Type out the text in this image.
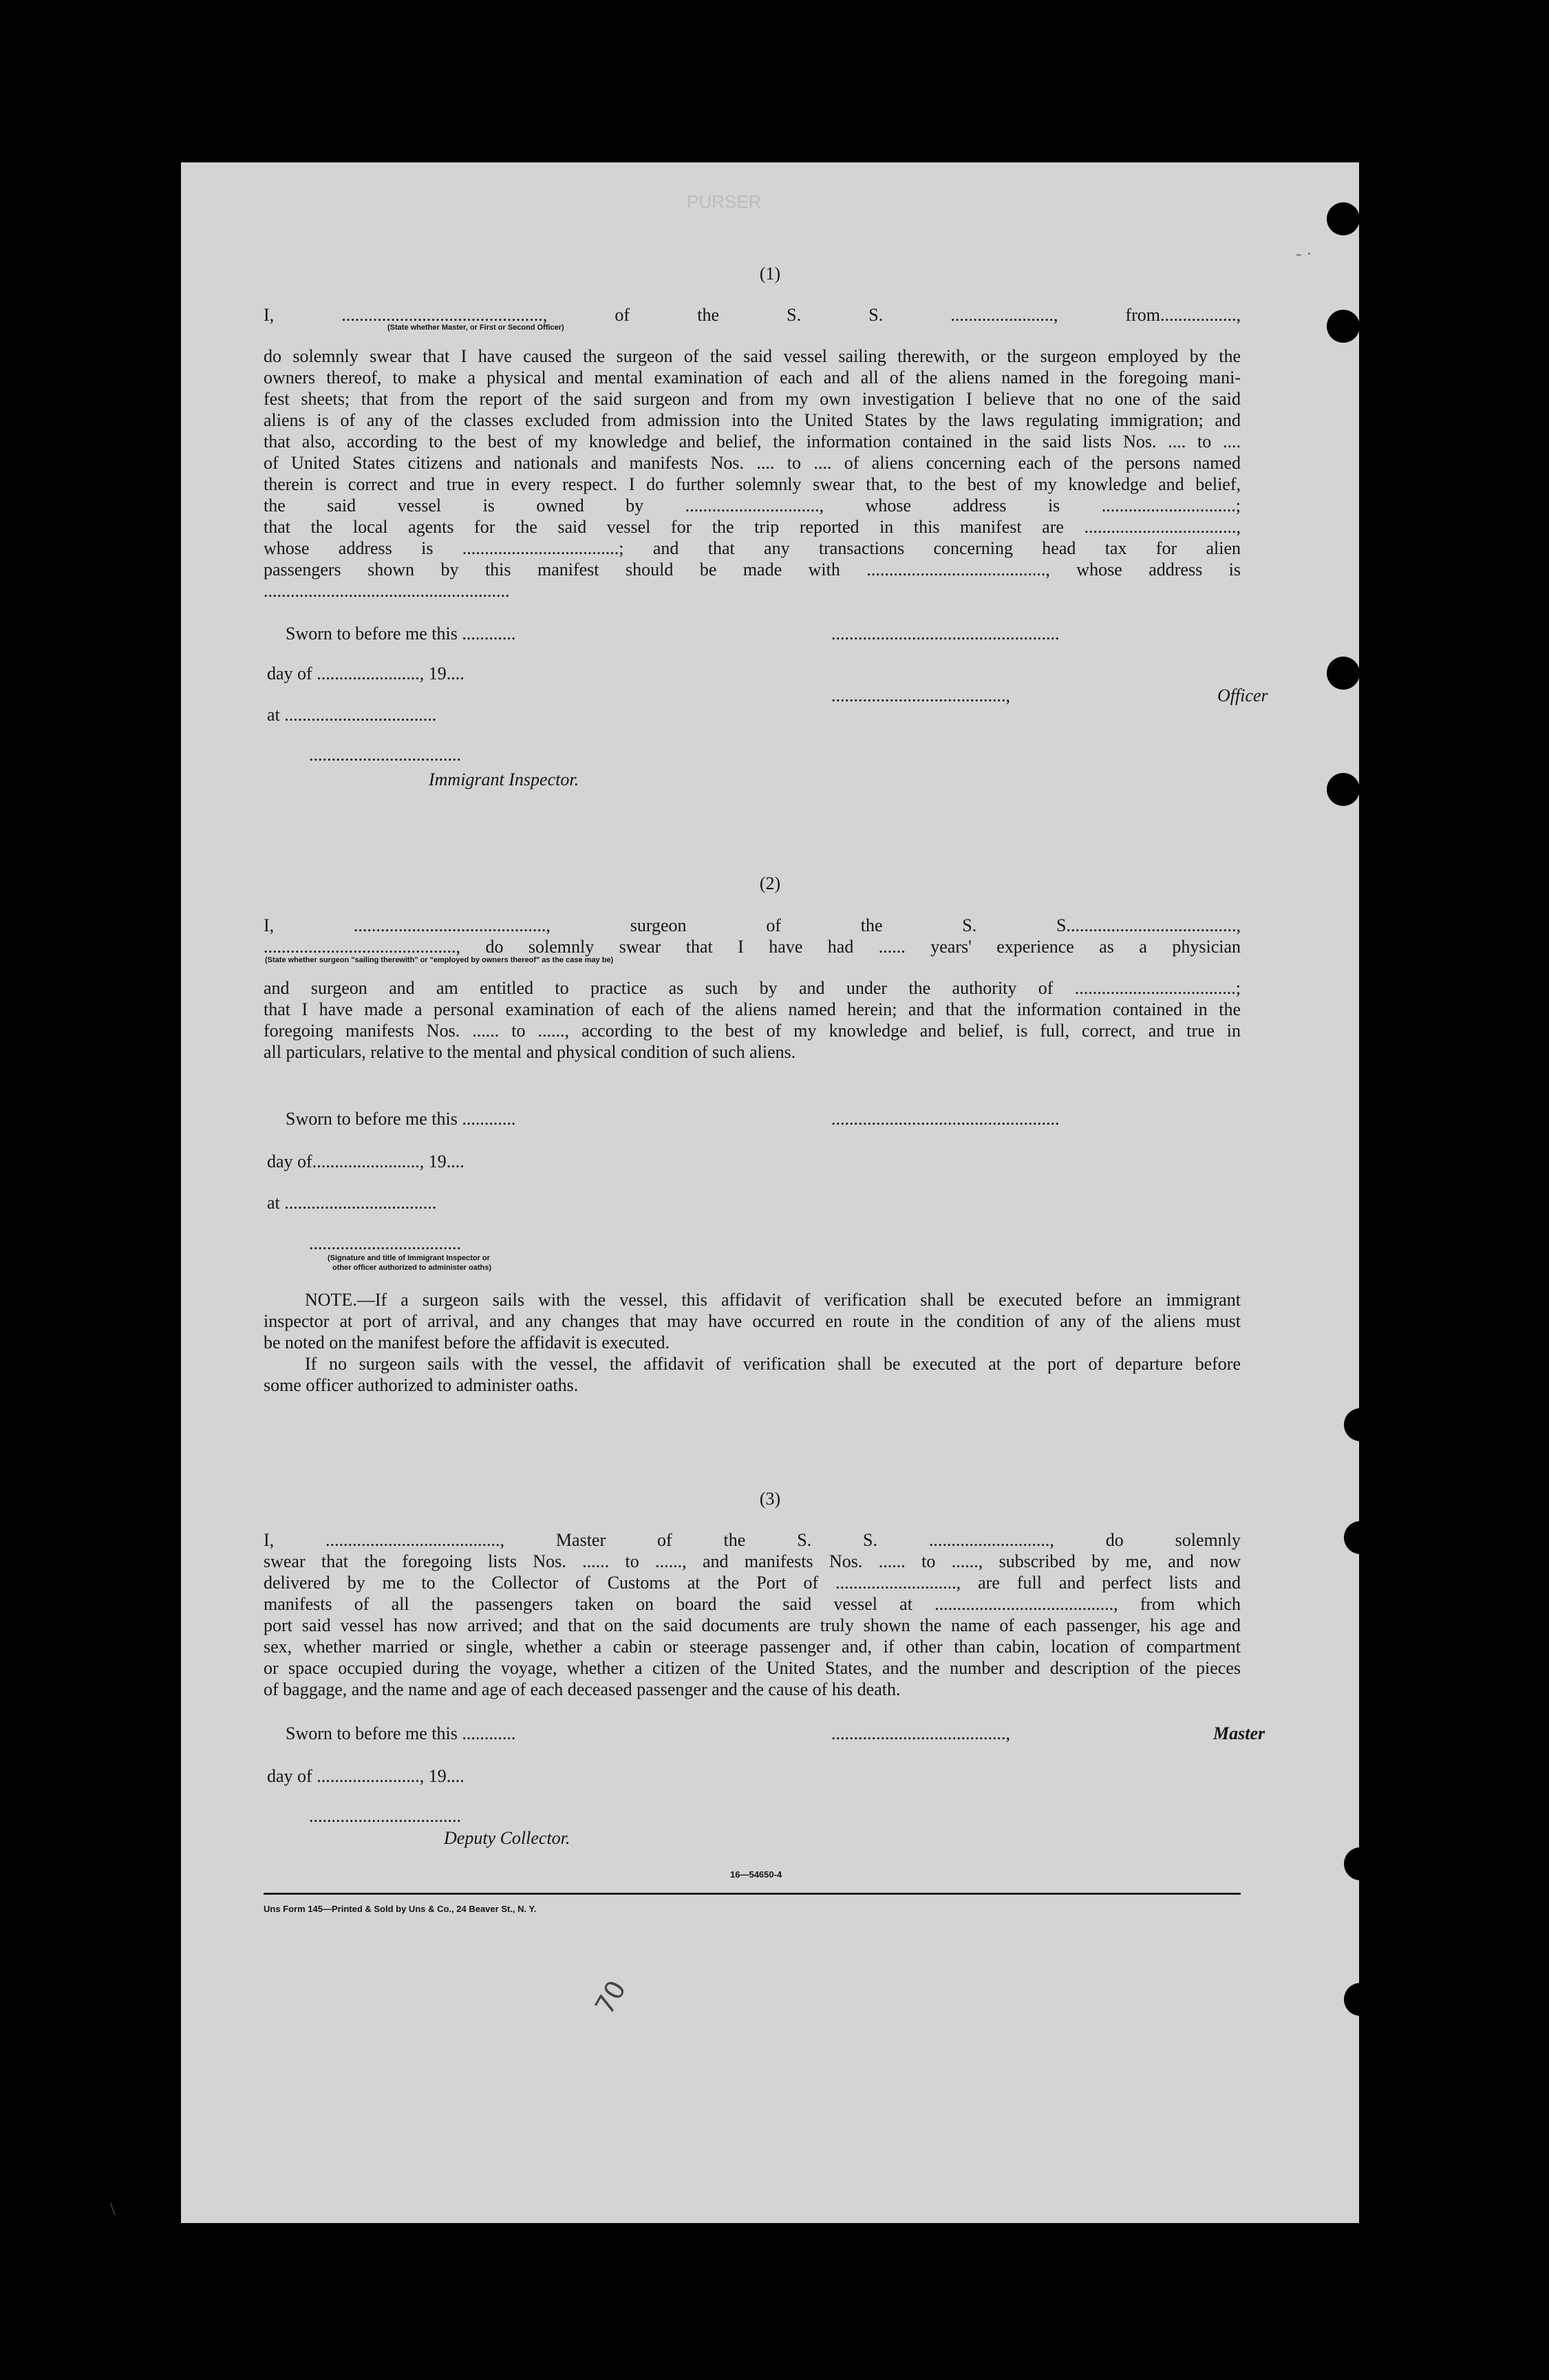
PURSER
- ·
(1)
I, ............................................., of the S. S. ......................., from.................,
(State whether Master, or First or Second Officer)
do solemnly swear that I have caused the surgeon of the said vessel sailing therewith, or the surgeon employed by the
owners thereof, to make a physical and mental examination of each and all of the aliens named in the foregoing mani-
fest sheets; that from the report of the said surgeon and from my own investigation I believe that no one of the said
aliens is of any of the classes excluded from admission into the United States by the laws regulating immigration; and
that also, according to the best of my knowledge and belief, the information contained in the said lists Nos. .... to ....
of United States citizens and nationals and manifests Nos. .... to .... of aliens concerning each of the persons named
therein is correct and true in every respect. I do further solemnly swear that, to the best of my knowledge and belief,
the said vessel is owned by .............................., whose address is ..............................;
that the local agents for the said vessel for the trip reported in this manifest are ..................................,
whose address is ...................................; and that any transactions concerning head tax for alien
passengers shown by this manifest should be made with ........................................, whose address is
.......................................................
Sworn to before me this ............	...................................................
day of ......................., 19....
.......................................,	Officer
at ..................................
..................................
Immigrant Inspector.
(2)
I, ..........................................., surgeon of the S. S......................................,
..........................................., do solemnly swear that I have had ...... years' experience as a physician
(State whether surgeon "sailing therewith" or "employed by owners thereof" as the case may be)
and surgeon and am entitled to practice as such by and under the authority of ....................................;
that I have made a personal examination of each of the aliens named herein; and that the information contained in the
foregoing manifests Nos. ...... to ......, according to the best of my knowledge and belief, is full, correct, and true in
all particulars, relative to the mental and physical condition of such aliens.
Sworn to before me this ............	...................................................
day of........................, 19....
at ..................................
..................................
(Signature and title of Immigrant Inspector or
other officer authorized to administer oaths)
NOTE.—If a surgeon sails with the vessel, this affidavit of verification shall be executed before an immigrant
inspector at port of arrival, and any changes that may have occurred en route in the condition of any of the aliens must
be noted on the manifest before the affidavit is executed.
If no surgeon sails with the vessel, the affidavit of verification shall be executed at the port of departure before
some officer authorized to administer oaths.
(3)
I, ......................................., Master of the S. S. ..........................., do solemnly
swear that the foregoing lists Nos. ...... to ......, and manifests Nos. ...... to ......, subscribed by me, and now
delivered by me to the Collector of Customs at the Port of ..........................., are full and perfect lists and
manifests of all the passengers taken on board the said vessel at ........................................, from which
port said vessel has now arrived; and that on the said documents are truly shown the name of each passenger, his age and
sex, whether married or single, whether a cabin or steerage passenger and, if other than cabin, location of compartment
or space occupied during the voyage, whether a citizen of the United States, and the number and description of the pieces
of baggage, and the name and age of each deceased passenger and the cause of his death.
Sworn to before me this ............	.......................................,	Master
day of ......................., 19....
..................................
Deputy Collector.
16—54650-4
Uns Form 145—Printed & Sold by Uns & Co., 24 Beaver St., N. Y.
70
\
